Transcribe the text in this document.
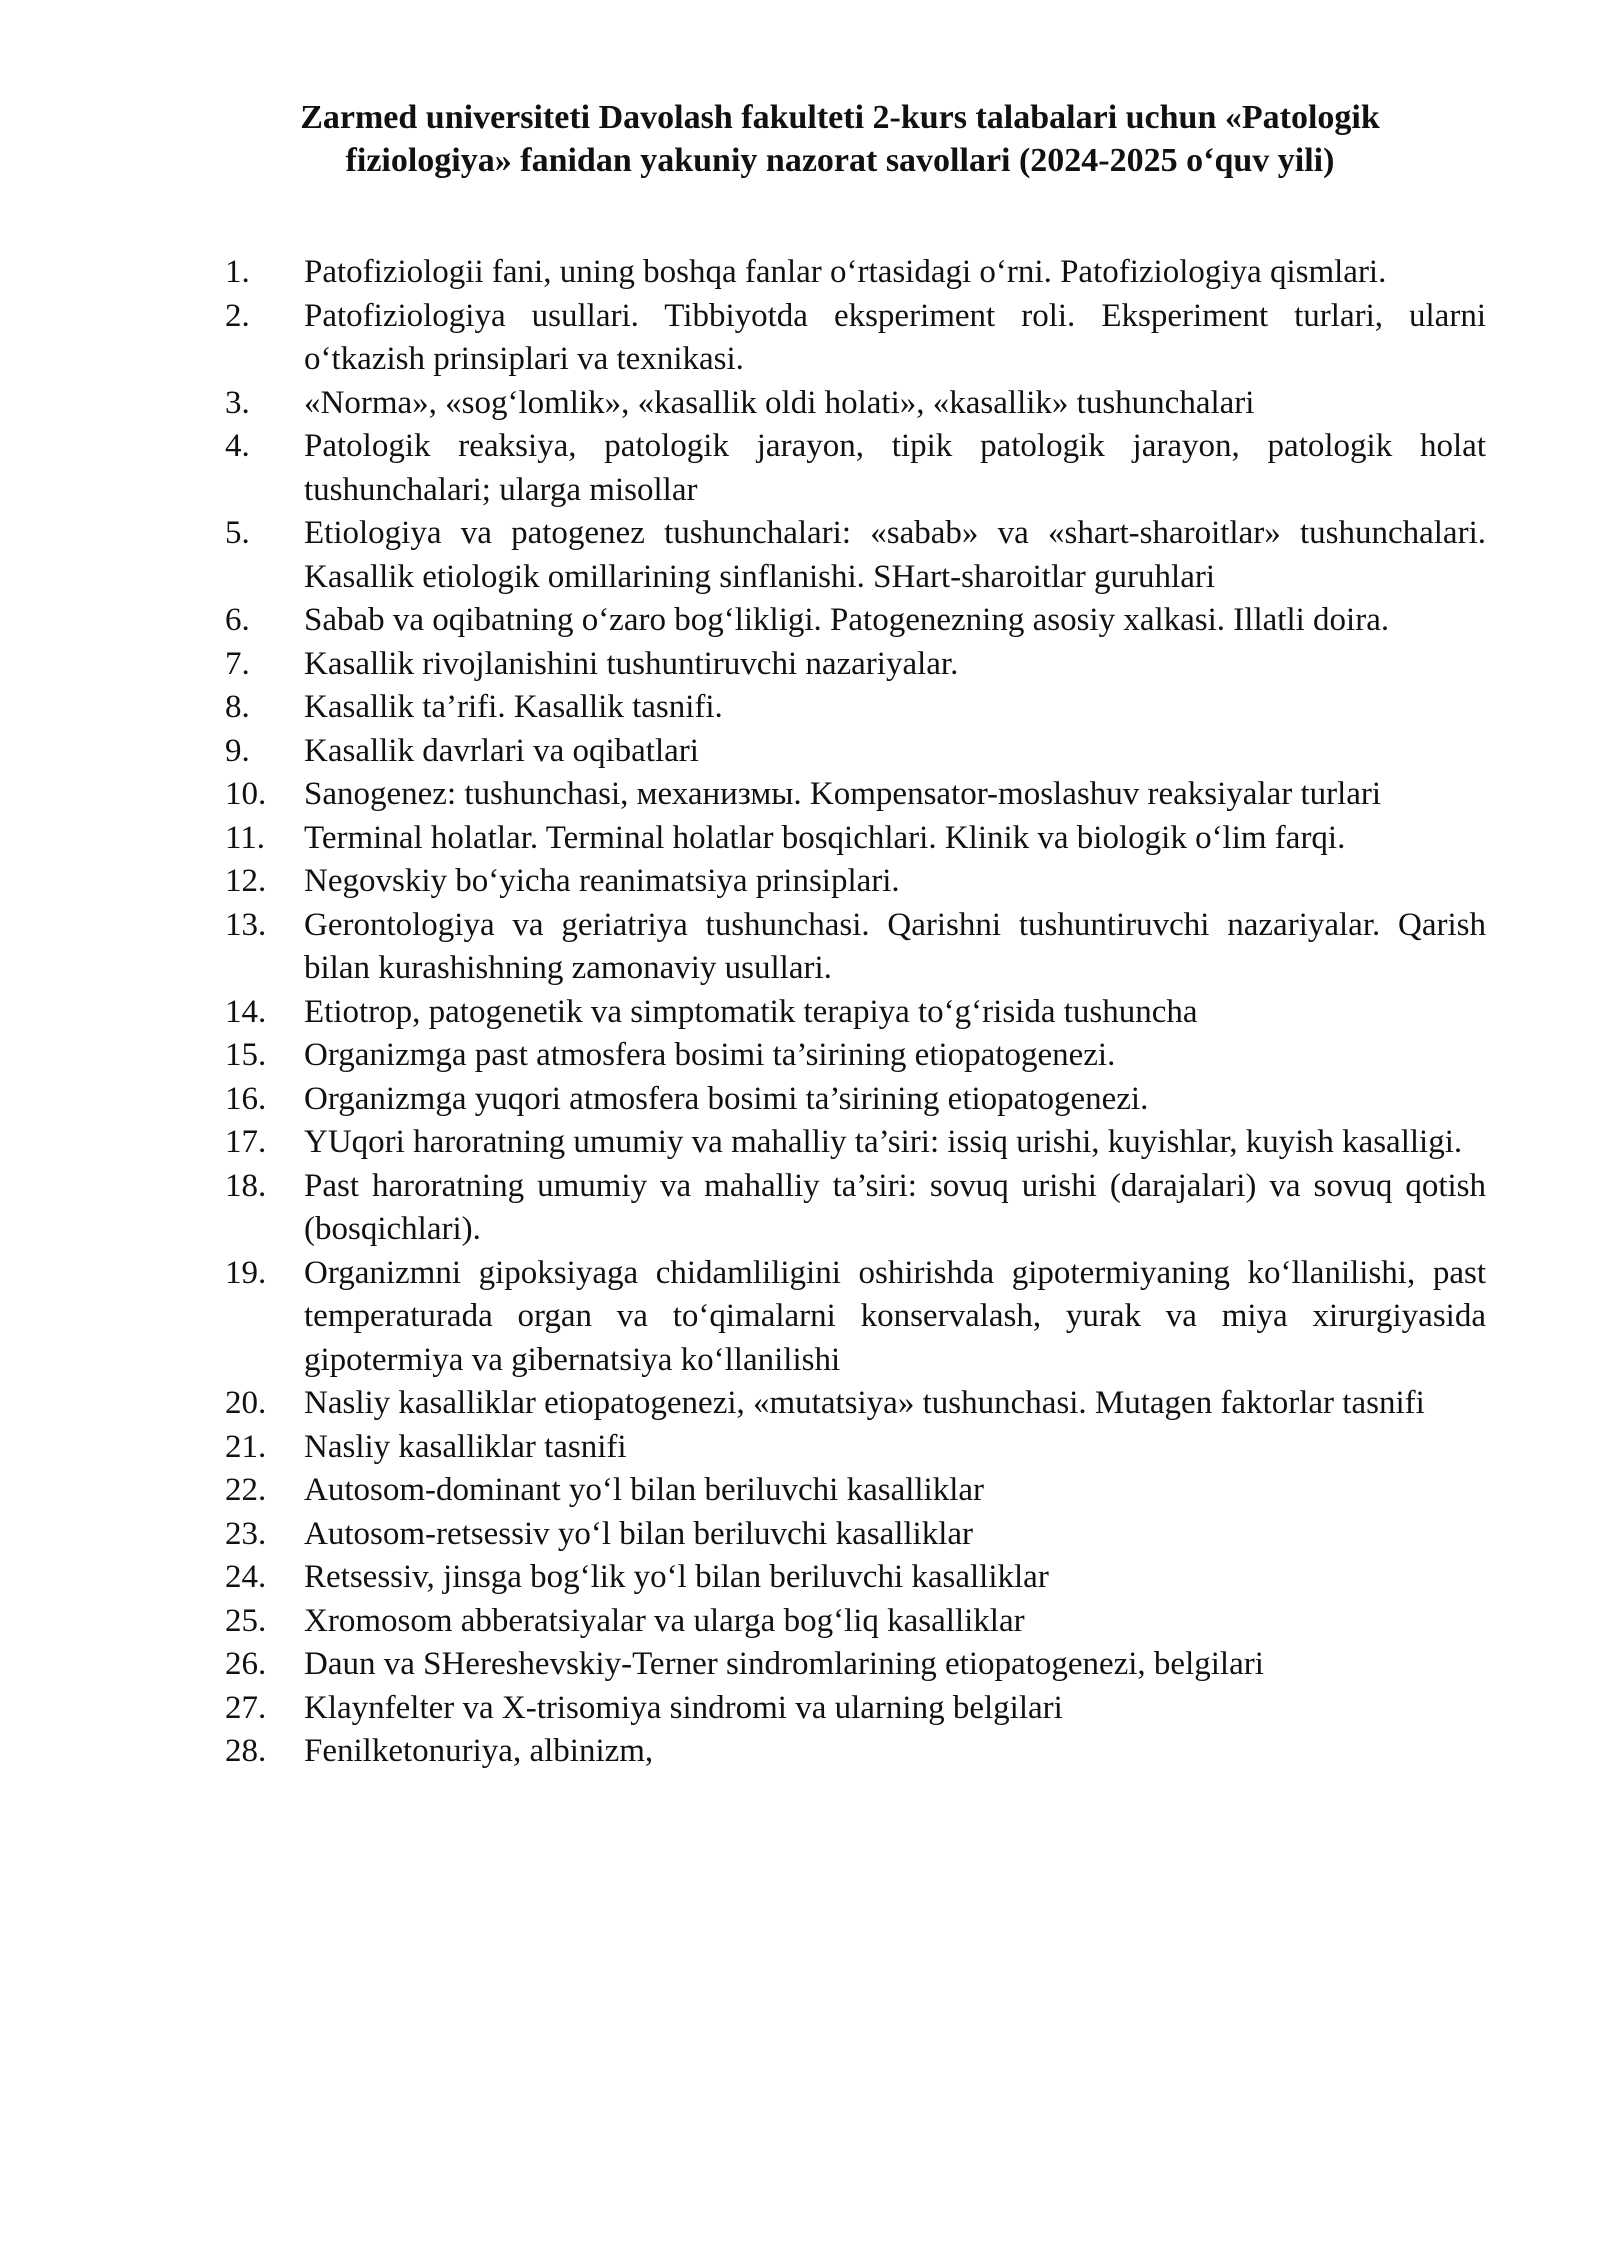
Zarmed universiteti Davolash fakulteti 2-kurs talabalari uchun «Patologik
fiziologiya» fanidan yakuniy nazorat savollari (2024-2025 o‘quv yili)
1.	Patofiziologii fani, uning boshqa fanlar o‘rtasidagi o‘rni. Patofiziologiya qismlari.
2.	Patofiziologiya usullari. Tibbiyotda eksperiment roli. Eksperiment turlari, ularni o‘tkazish prinsiplari va texnikasi.
3.	«Norma», «sog‘lomlik», «kasallik oldi holati», «kasallik» tushunchalari
4.	Patologik reaksiya, patologik jarayon, tipik patologik jarayon, patologik holat tushunchalari; ularga misollar
5.	Etiologiya va patogenez tushunchalari: «sabab» va «shart-sharoitlar» tushunchalari. Kasallik etiologik omillarining sinflanishi. SHart-sharoitlar guruhlari
6.	Sabab va oqibatning o‘zaro bog‘likligi. Patogenezning asosiy xalkasi. Illatli doira.
7.	Kasallik rivojlanishini tushuntiruvchi nazariyalar.
8.	Kasallik ta’rifi. Kasallik tasnifi.
9.	Kasallik davrlari va oqibatlari
10.	Sanogenez: tushunchasi, механизмы. Kompensator-moslashuv reaksiyalar turlari
11.	Terminal holatlar. Terminal holatlar bosqichlari. Klinik va biologik o‘lim farqi.
12.	Negovskiy bo‘yicha reanimatsiya prinsiplari.
13.	Gerontologiya va geriatriya tushunchasi. Qarishni tushuntiruvchi nazariyalar. Qarish bilan kurashishning zamonaviy usullari.
14.	Etiotrop, patogenetik va simptomatik terapiya to‘g‘risida tushuncha
15.	Organizmga past atmosfera bosimi ta’sirining etiopatogenezi.
16.	Organizmga yuqori atmosfera bosimi ta’sirining etiopatogenezi.
17.	YUqori haroratning umumiy va mahalliy ta’siri: issiq urishi, kuyishlar, kuyish kasalligi.
18.	Past haroratning umumiy va mahalliy ta’siri: sovuq urishi (darajalari) va sovuq qotish (bosqichlari).
19.	Organizmni gipoksiyaga chidamliligini oshirishda gipotermiyaning ko‘llanilishi, past temperaturada organ va to‘qimalarni konservalash, yurak va miya xirurgiyasida gipotermiya va gibernatsiya ko‘llanilishi
20.	Nasliy kasalliklar etiopatogenezi, «mutatsiya» tushunchasi. Mutagen faktorlar tasnifi
21.	Nasliy kasalliklar tasnifi
22.	Autosom-dominant yo‘l bilan beriluvchi kasalliklar
23.	Autosom-retsessiv yo‘l bilan beriluvchi kasalliklar
24.	Retsessiv, jinsga bog‘lik yo‘l bilan beriluvchi kasalliklar
25.	Xromosom abberatsiyalar va ularga bog‘liq kasalliklar
26.	Daun va SHereshevskiy-Terner sindromlarining etiopatogenezi, belgilari
27.	Klaynfelter va X-trisomiya sindromi va ularning belgilari
28.	Fenilketonuriya, albinizm,
